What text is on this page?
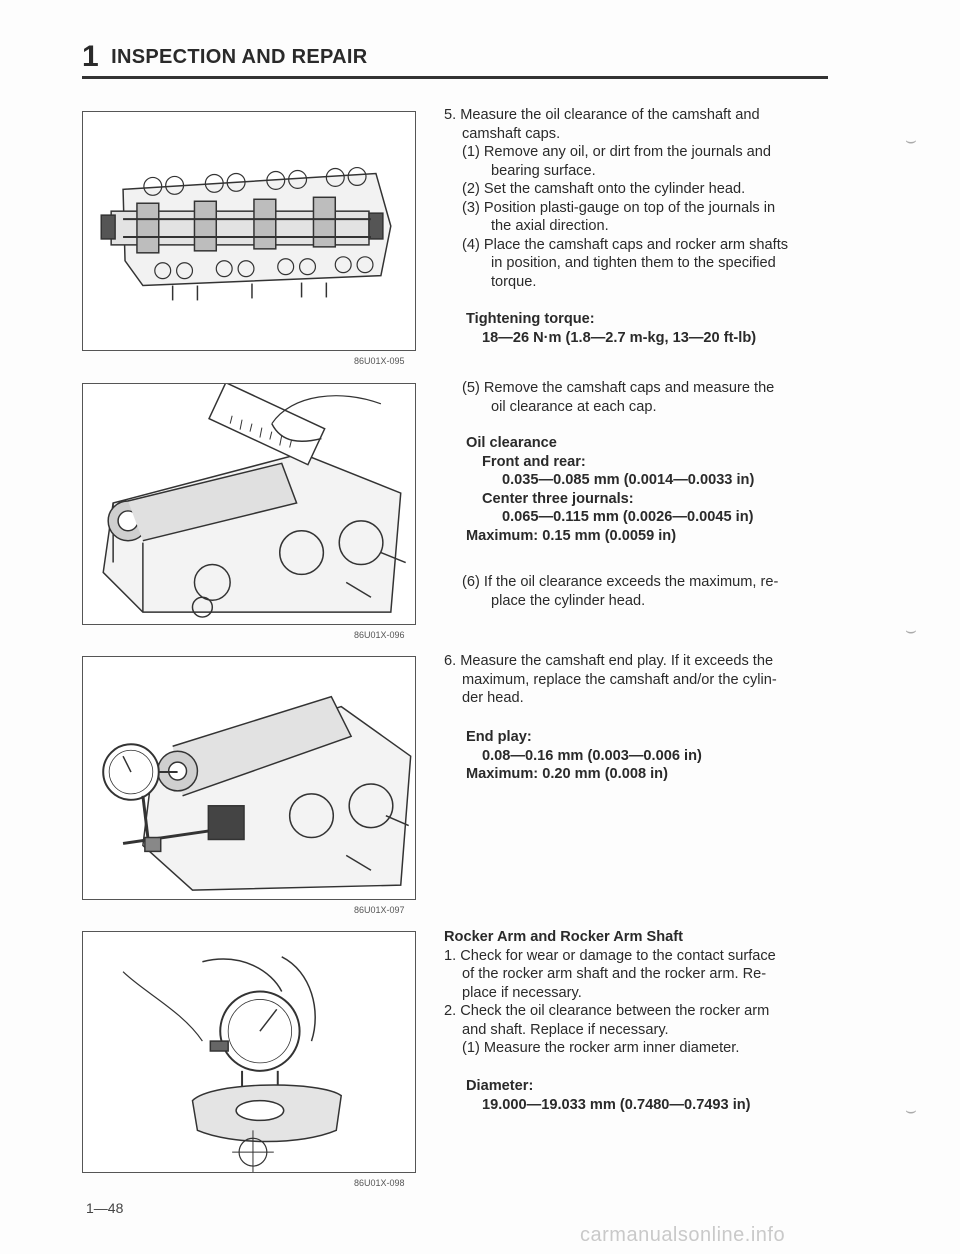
1 INSPECTION AND REPAIR
86U01X-095
86U01X-096
86U01X-097
86U01X-098

5. Measure the oil clearance of the camshaft and

camshaft caps.

(1) Remove any oil, or dirt from the journals and

bearing surface.

(2) Set the camshaft onto the cylinder head.

(3) Position plasti-gauge on top of the journals in

the axial direction.

(4) Place the camshaft caps and rocker arm shafts

in position, and tighten them to the specified

torque.

Tightening torque:

18—26 N·m (1.8—2.7 m-kg, 13—20 ft-lb)

(5) Remove the camshaft caps and measure the

oil clearance at each cap.

Oil clearance

Front and rear:

0.035—0.085 mm (0.0014—0.0033 in)

Center three journals:

0.065—0.115 mm (0.0026—0.0045 in)

Maximum: 0.15 mm (0.0059 in)

(6) If the oil clearance exceeds the maximum, re-

place the cylinder head.

6. Measure the camshaft end play. If it exceeds the

maximum, replace the camshaft and/or the cylin-

der head.

End play:

0.08—0.16 mm (0.003—0.006 in)

Maximum: 0.20 mm (0.008 in)

Rocker Arm and Rocker Arm Shaft

1. Check for wear or damage to the contact surface

of the rocker arm shaft and the rocker arm. Re-

place if necessary.

2. Check the oil clearance between the rocker arm

and shaft. Replace if necessary.

(1) Measure the rocker arm inner diameter.

Diameter:

19.000—19.033 mm (0.7480—0.7493 in)

⌣
⌣
⌣
1—48
carmanualsonline.info
